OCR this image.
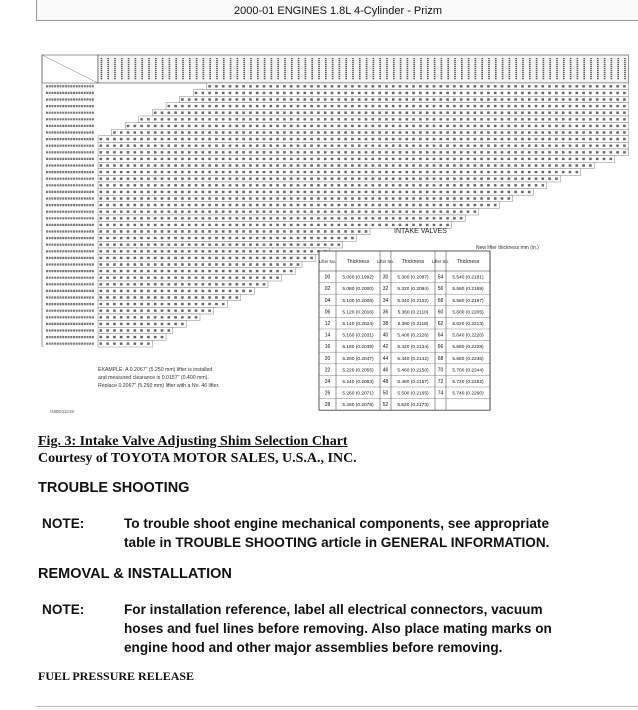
2000-01 ENGINES 1.8L 4-Cylinder - Prizm
INTAKE VALVES
New lifter thickness mm (in.)
Lifter No. Thickness Lifter No. Thickness Lifter No. Thickness
00	5.060 (0.1992) 30 5.300 (0.2087) 54 5.540 (0.2181)
02	5.080 (0.2000) 32 5.320 (0.2094) 56 5.560 (0.2189)
04	5.100 (0.2008) 34 5.340 (0.2102) 58 5.580 (0.2197)
06	5.120 (0.2016) 36 5.360 (0.2110) 60 5.600 (0.2205)
12	5.140 (0.2024) 38 5.380 (0.2118) 62 5.620 (0.2213)
14	5.160 (0.2031) 40 5.400 (0.2126) 64 5.640 (0.2220)
16	5.180 (0.2039) 42 5.420 (0.2134) 66 5.660 (0.2228)
20	5.200 (0.2047) 44 5.440 (0.2142) 68 5.680 (0.2236)
22	5.220 (0.2055) 46 5.460 (0.2150) 70 5.700 (0.2244)
24	5.240 (0.2063) 48 5.480 (0.2157) 72 5.720 (0.2252)
26	5.260 (0.2071) 50 5.500 (0.2165) 74 5.740 (0.2260)
28	5.280 (0.2079) 52 5.520 (0.2173)
EXAMPLE: A 0.2067" (5.250 mm) lifter is installed
and measured clearance is 0.0157" (0.400 mm).
Replace 0.2067" (5.250 mm) lifter with a No. 46 lifter.
G88D11219
Fig. 3: Intake Valve Adjusting Shim Selection Chart
Courtesy of TOYOTA MOTOR SALES, U.S.A., INC.
TROUBLE SHOOTING
NOTE:	To trouble shoot engine mechanical components, see appropriate
table in TROUBLE SHOOTING article in GENERAL INFORMATION.
REMOVAL & INSTALLATION
NOTE:	For installation reference, label all electrical connectors, vacuum
hoses and fuel lines before removing. Also place mating marks on
engine hood and other major assemblies before removing.
FUEL PRESSURE RELEASE
